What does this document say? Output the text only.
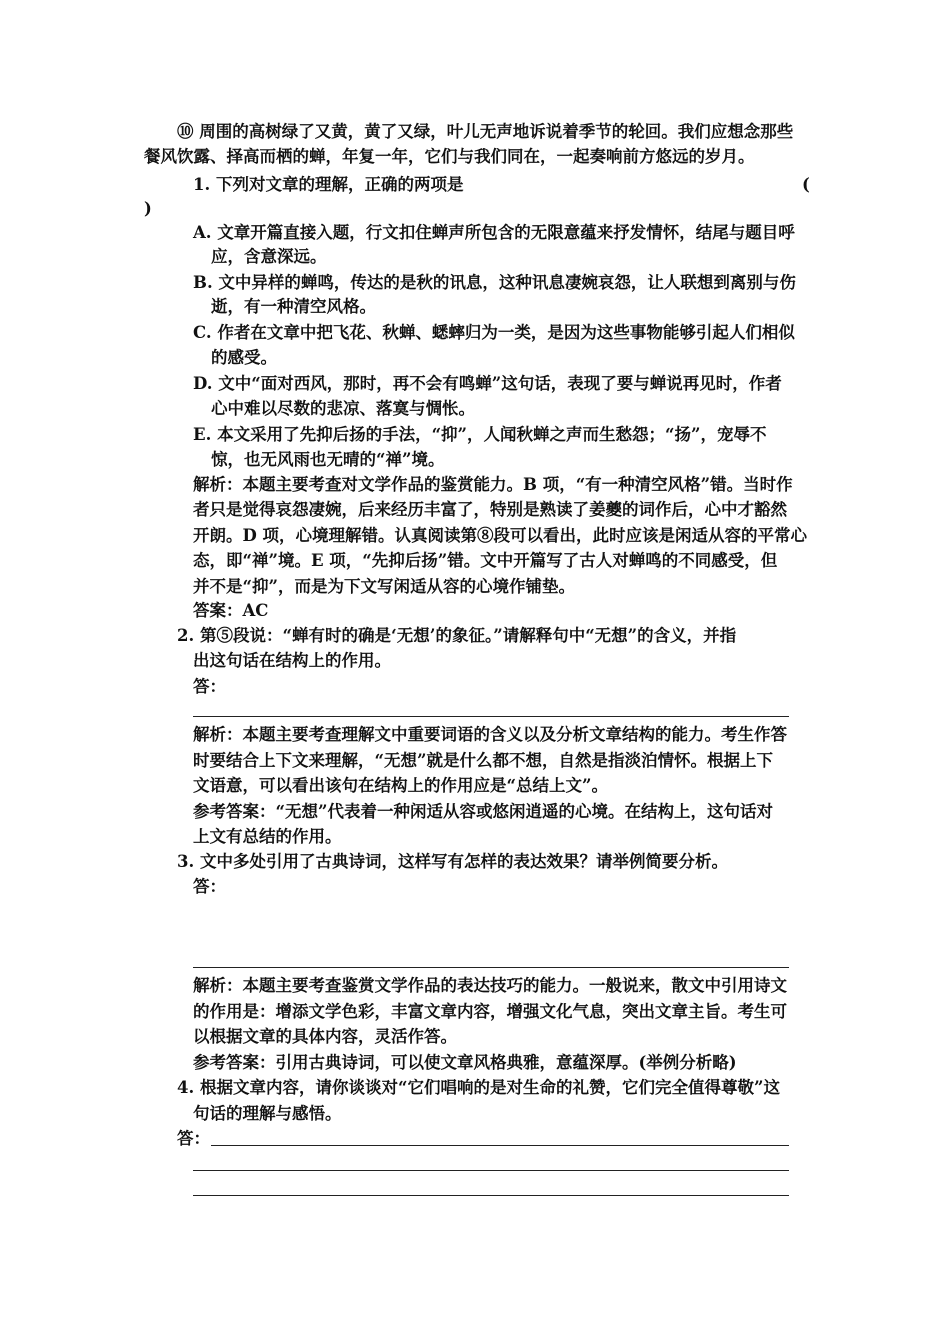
⑩ 周围的高树绿了又黄，黄了又绿，叶儿无声地诉说着季节的轮回。我们应想念那些
餐风饮露、择高而栖的蝉，年复一年，它们与我们同在，一起奏响前方悠远的岁月。
1. 下列对文章的理解，正确的两项是	(
)
A. 文章开篇直接入题，行文扣住蝉声所包含的无限意蕴来抒发情怀，结尾与题目呼
应，含意深远。
B. 文中异样的蝉鸣，传达的是秋的讯息，这种讯息凄婉哀怨，让人联想到离别与伤
逝，有一种清空风格。
C. 作者在文章中把飞花、秋蝉、蟋蟀归为一类，是因为这些事物能够引起人们相似
的感受。
D. 文中“面对西风，那时，再不会有鸣蝉”这句话，表现了要与蝉说再见时，作者
心中难以尽数的悲凉、落寞与惆怅。
E. 本文采用了先抑后扬的手法，“抑”，人闻秋蝉之声而生愁怨；“扬”，宠辱不
惊，也无风雨也无晴的“禅”境。
解析：本题主要考查对文学作品的鉴赏能力。B 项，“有一种清空风格”错。当时作
者只是觉得哀怨凄婉，后来经历丰富了，特别是熟读了姜夔的词作后，心中才豁然
开朗。D 项，心境理解错。认真阅读第⑧段可以看出，此时应该是闲适从容的平常心
态，即“禅”境。E 项，“先抑后扬”错。文中开篇写了古人对蝉鸣的不同感受，但
并不是“抑”，而是为下文写闲适从容的心境作铺垫。
答案：AC
2. 第⑤段说：“蝉有时的确是‘无想’的象征。”请解释句中“无想”的含义，并指
出这句话在结构上的作用。
答：
解析：本题主要考查理解文中重要词语的含义以及分析文章结构的能力。考生作答
时要结合上下文来理解，“无想”就是什么都不想，自然是指淡泊情怀。根据上下
文语意，可以看出该句在结构上的作用应是“总结上文”。
参考答案：“无想”代表着一种闲适从容或悠闲逍遥的心境。在结构上，这句话对
上文有总结的作用。
3. 文中多处引用了古典诗词，这样写有怎样的表达效果？请举例简要分析。
答：
解析：本题主要考查鉴赏文学作品的表达技巧的能力。一般说来，散文中引用诗文
的作用是：增添文学色彩，丰富文章内容，增强文化气息，突出文章主旨。考生可
以根据文章的具体内容，灵活作答。
参考答案：引用古典诗词，可以使文章风格典雅，意蕴深厚。(举例分析略)
4. 根据文章内容，请你谈谈对“它们唱响的是对生命的礼赞，它们完全值得尊敬”这
句话的理解与感悟。
答：
